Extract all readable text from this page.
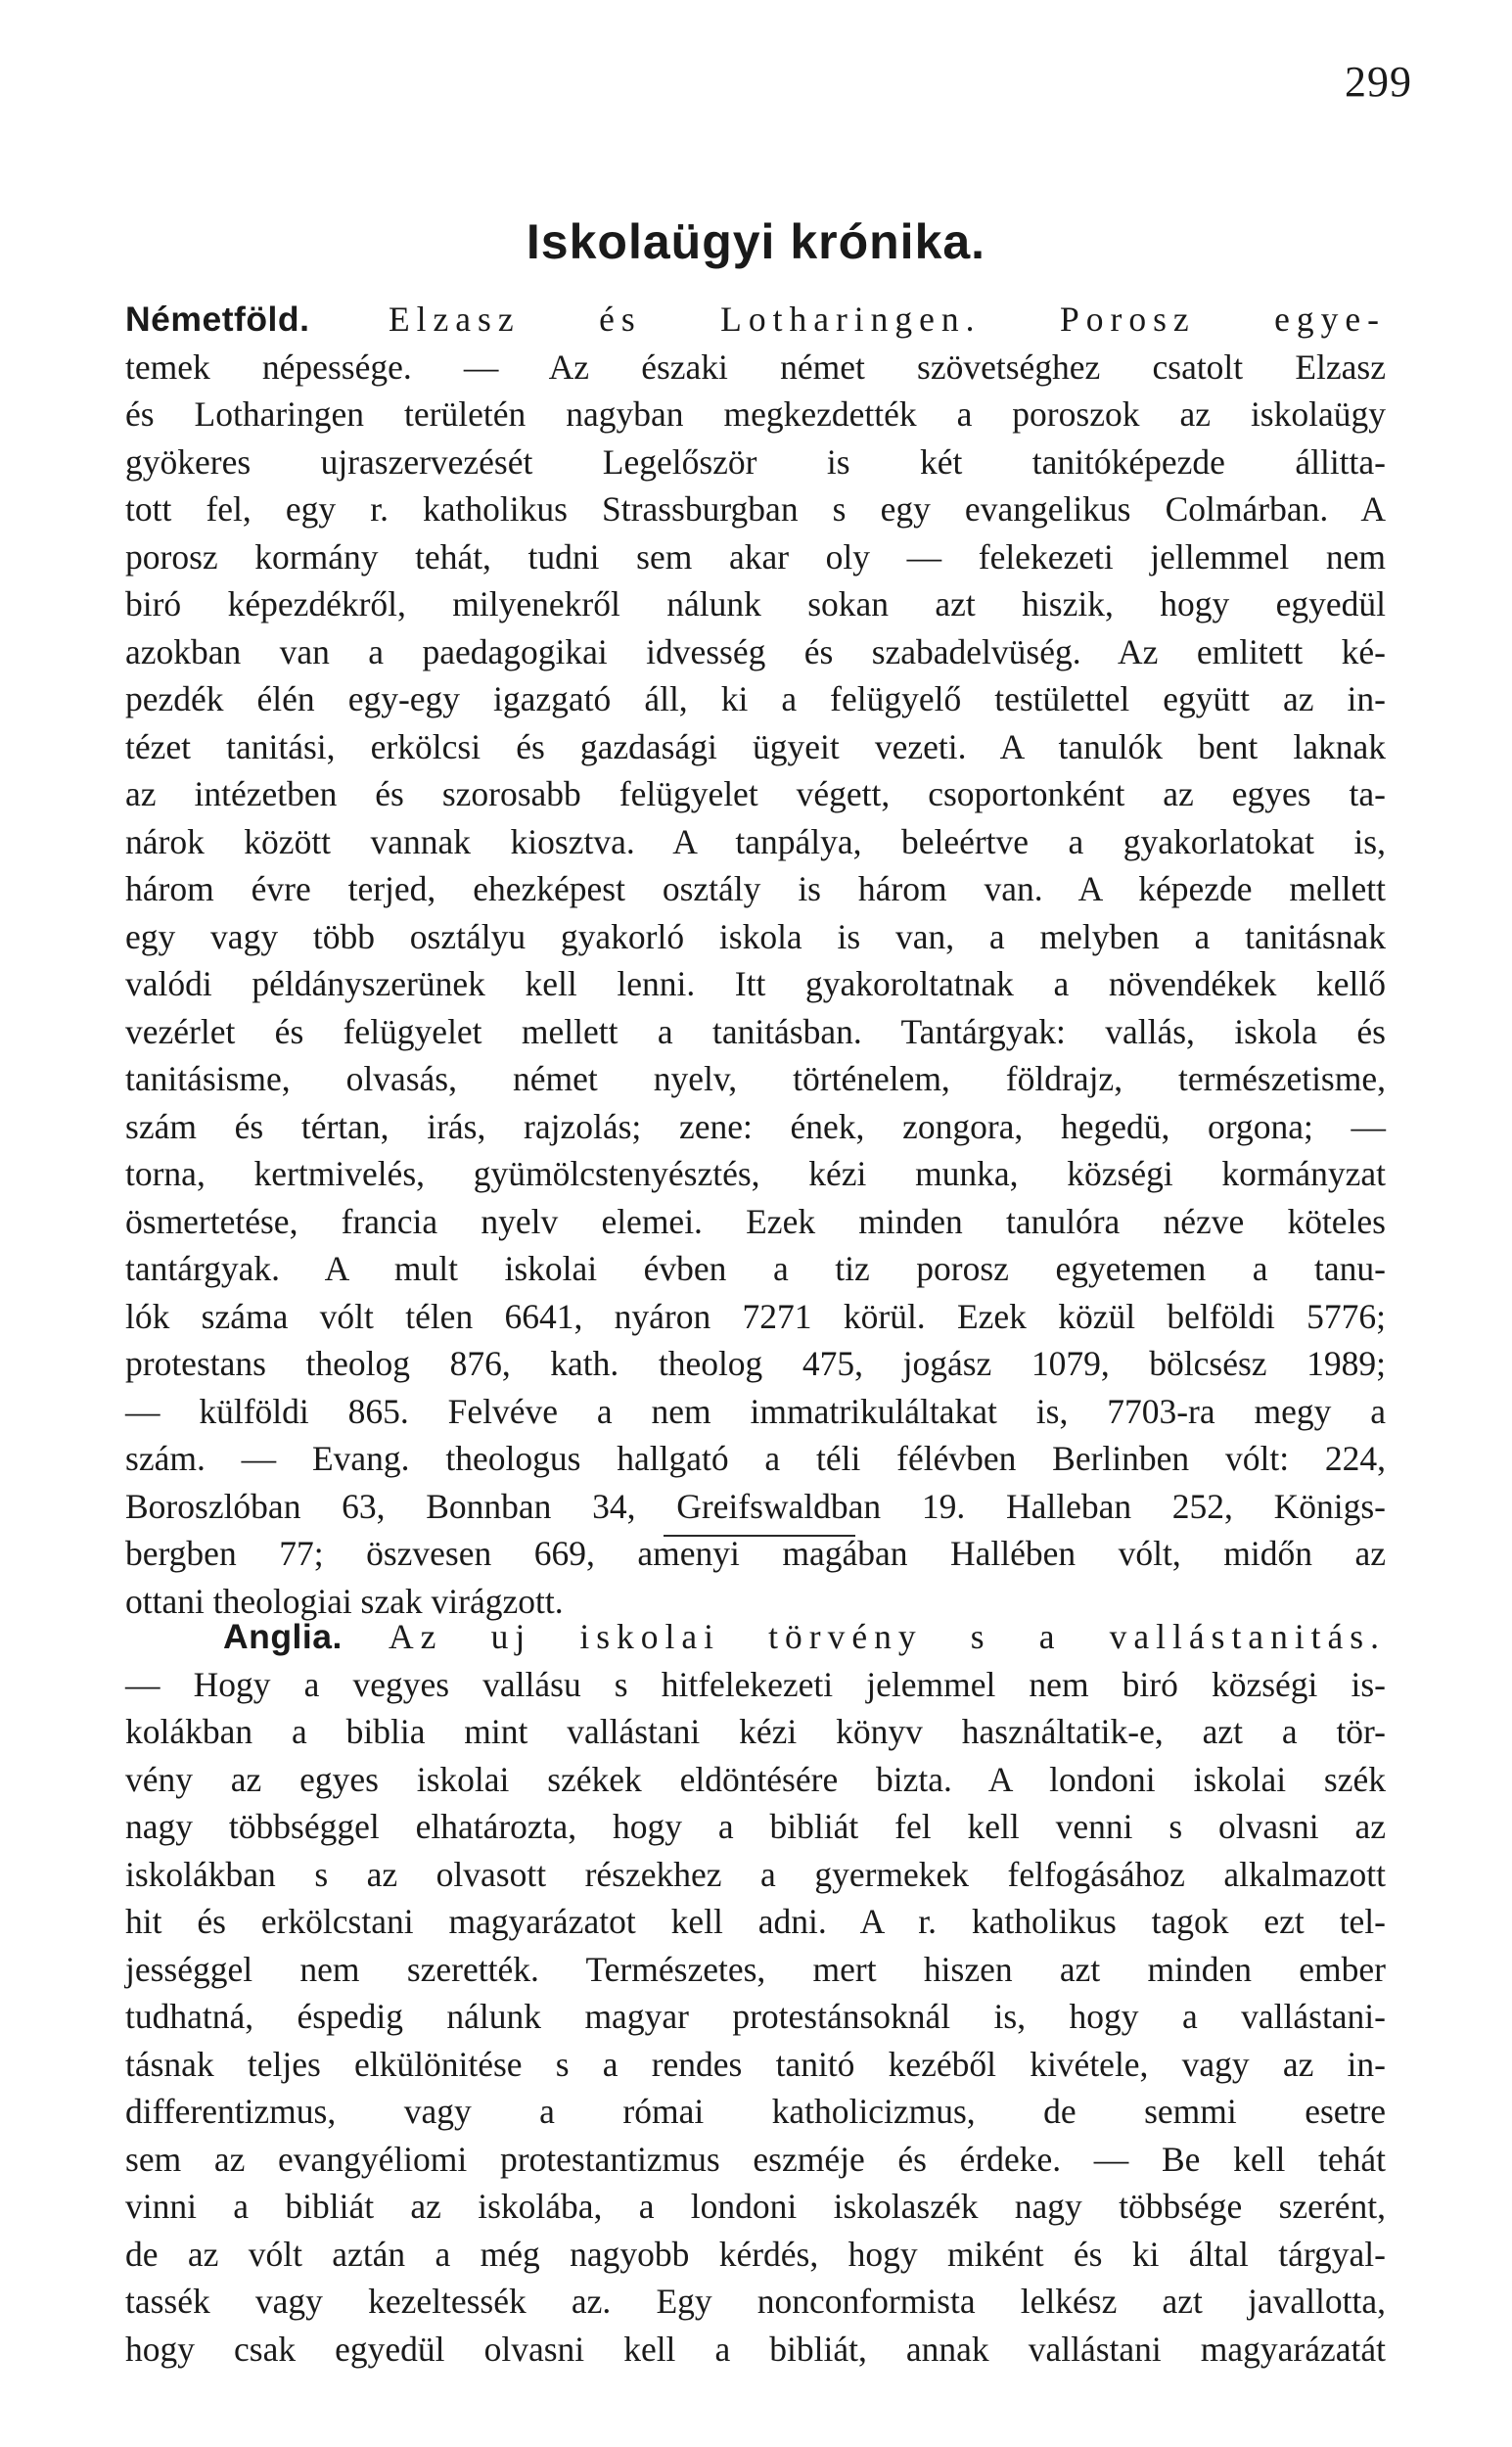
299
Iskolaügyi krónika.
Németföld. Elzasz és Lotharingen. Porosz egye-
temek népessége. — Az északi német szövetséghez csatolt Elzasz
és Lotharingen területén nagyban megkezdették a poroszok az iskolaügy
gyökeres ujraszervezését Legelőször is két tanitóképezde állitta-
tott fel, egy r. katholikus Strassburgban s egy evangelikus Colmárban. A
porosz kormány tehát, tudni sem akar oly — felekezeti jellemmel nem
biró képezdékről, milyenekről nálunk sokan azt hiszik, hogy egyedül
azokban van a paedagogikai idvesség és szabadelvüség. Az emlitett ké-
pezdék élén egy-egy igazgató áll, ki a felügyelő testülettel együtt az in-
tézet tanitási, erkölcsi és gazdasági ügyeit vezeti. A tanulók bent laknak
az intézetben és szorosabb felügyelet végett, csoportonként az egyes ta-
nárok között vannak kiosztva. A tanpálya, beleértve a gyakorlatokat is,
három évre terjed, ehezképest osztály is három van. A képezde mellett
egy vagy több osztályu gyakorló iskola is van, a melyben a tanitásnak
valódi példányszerünek kell lenni. Itt gyakoroltatnak a növendékek kellő
vezérlet és felügyelet mellett a tanitásban. Tantárgyak: vallás, iskola és
tanitásisme, olvasás, német nyelv, történelem, földrajz, természetisme,
szám és tértan, irás, rajzolás; zene: ének, zongora, hegedü, orgona; —
torna, kertmivelés, gyümölcstenyésztés, kézi munka, községi kormányzat
ösmertetése, francia nyelv elemei. Ezek minden tanulóra nézve köteles
tantárgyak. A mult iskolai évben a tiz porosz egyetemen a tanu-
lók száma vólt télen 6641, nyáron 7271 körül. Ezek közül belföldi 5776;
protestans theolog 876, kath. theolog 475, jogász 1079, bölcsész 1989;
— külföldi 865. Felvéve a nem immatrikuláltakat is, 7703-ra megy a
szám. — Evang. theologus hallgató a téli félévben Berlinben vólt: 224,
Boroszlóban 63, Bonnban 34, Greifswaldban 19. Halleban 252, Königs-
bergben 77; öszvesen 669, amenyi magában Hallében vólt, midőn az
ottani theologiai szak virágzott.
Anglia. Az uj iskolai törvény s a vallástanitás.
— Hogy a vegyes vallásu s hitfelekezeti jelemmel nem biró községi is-
kolákban a biblia mint vallástani kézi könyv használtatik-e, azt a tör-
vény az egyes iskolai székek eldöntésére bizta. A londoni iskolai szék
nagy többséggel elhatározta, hogy a bibliát fel kell venni s olvasni az
iskolákban s az olvasott részekhez a gyermekek felfogásához alkalmazott
hit és erkölcstani magyarázatot kell adni. A r. katholikus tagok ezt tel-
jességgel nem szerették. Természetes, mert hiszen azt minden ember
tudhatná, éspedig nálunk magyar protestánsoknál is, hogy a vallástani-
tásnak teljes elkülönitése s a rendes tanitó kezéből kivétele, vagy az in-
differentizmus, vagy a római katholicizmus, de semmi esetre
sem az evangyéliomi protestantizmus eszméje és érdeke. — Be kell tehát
vinni a bibliát az iskolába, a londoni iskolaszék nagy többsége szerént,
de az vólt aztán a még nagyobb kérdés, hogy miként és ki által tárgyal-
tassék vagy kezeltessék az. Egy nonconformista lelkész azt javallotta,
hogy csak egyedül olvasni kell a bibliát, annak vallástani magyarázatát
